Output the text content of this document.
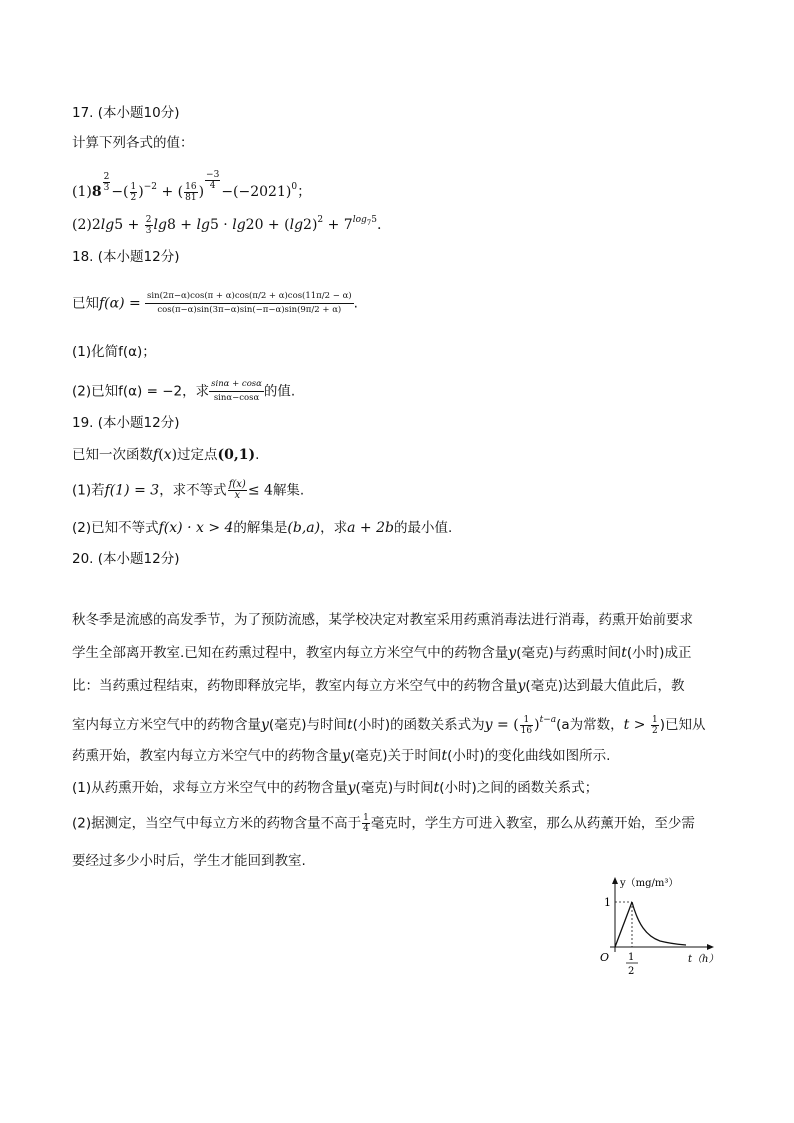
17. (本小题10分)
计算下列各式的值：
$(1)8 \frac{2}{3}$ −( $\frac{1}{2} )^{-2}$ + ( $\frac{16}{81}$ )
$\frac{-3}{4}$
$-(-2021)^0$；
$(2)2\lg 5 + \frac{2}{3} \lg 8 + \lg 5 \cdot \lg 20 + (\lg 2)^2 + 7^{log_75}$.
18. (本小题12分)
已知$f(\alpha) = \frac{\sin(2\pi-\alpha)\cos(\pi + \alpha)\cos(\pi/2 + \alpha)\cos(11\pi/2 - \alpha)}{\cos(\pi-\alpha)\sin(3\pi-\alpha)\sin(-\pi-\alpha)\sin(9\pi/2 + \alpha)}$ .
(1)化简f(α)；
(2)已知f(α) = −2，求 $\frac{\sin\alpha + \cos\alpha}{\sin\alpha-\cos\alpha}$ 的值.
19. (本小题12分)
已知一次函数f(x)过定点(0,1).
(1)若f(1) = 3，求不等式 $\frac{f(x)}{x} \le 4$解集.
(2)已知不等式f(x) · x > 4的解集是(b,a)，求a + 2b的最小值.
20. (本小题12分)
秋冬季是流感的高发季节，为了预防流感，某学校决定对教室采用药熏消毒法进行消毒，药熏开始前要求
学生全部离开教室.已知在药熏过程中，教室内每立方米空气中的药物含量y(毫克)与药熏时间t(小时)成正
比：当药熏过程结束，药物即释放完毕，教室内每立方米空气中的药物含量y(毫克)达到最大值此后，教
室内每立方米空气中的药物含量y(毫克)与时间t(小时)的函数关系式为y = ( $\frac{1}{16} )^{t-a}(a$为常数，$t > \frac{1}{2}$ )已知从
药熏开始，教室内每立方米空气中的药物含量y(毫克)关于时间t(小时)的变化曲线如图所示.
(1)从药熏开始，求每立方米空气中的药物含量y(毫克)与时间t(小时)之间的函数关系式；
(2)据测定，当空气中每立方米的药物含量不高于 $\frac{1}{4}$ 毫克时，学生方可进入教室，那么从药薰开始，至少需
要经过多少小时后，学生才能回到教室.
y（mg/m³）
t（h）
O
1
1
2
